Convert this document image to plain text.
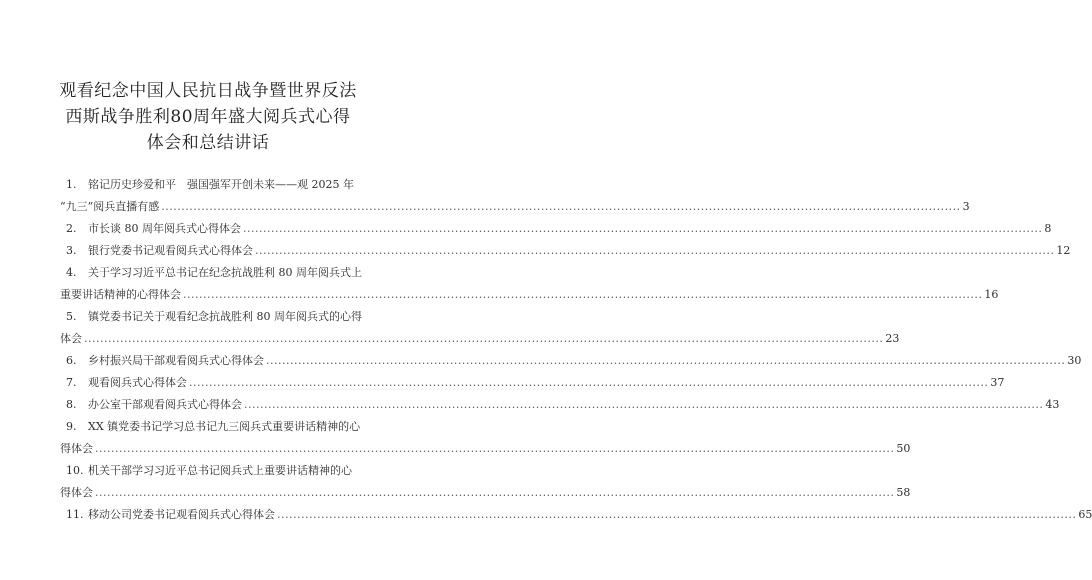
观看纪念中国人民抗日战争暨世界反法西斯战争胜利80周年盛大阅兵式心得体会和总结讲话
1.	铭记历史珍爱和平　强国强军开创未来——观 2025 年
“九三”阅兵直播有感 ........................................................................................................................................................................................................ 3
2.	市长谈 80 周年阅兵式心得体会 ........................................................................................................................................................................................................ 8
3.	银行党委书记观看阅兵式心得体会 ........................................................................................................................................................................................................ 12
4.	关于学习习近平总书记在纪念抗战胜利 80 周年阅兵式上
重要讲话精神的心得体会 ........................................................................................................................................................................................................ 16
5.	镇党委书记关于观看纪念抗战胜利 80 周年阅兵式的心得
体会 ........................................................................................................................................................................................................ 23
6.	乡村振兴局干部观看阅兵式心得体会 ........................................................................................................................................................................................................ 30
7.	观看阅兵式心得体会 ........................................................................................................................................................................................................ 37
8.	办公室干部观看阅兵式心得体会 ........................................................................................................................................................................................................ 43
9.	XX 镇党委书记学习总书记九三阅兵式重要讲话精神的心
得体会 ........................................................................................................................................................................................................ 50
10. 机关干部学习习近平总书记阅兵式上重要讲话精神的心
得体会 ........................................................................................................................................................................................................ 58
11. 移动公司党委书记观看阅兵式心得体会 ........................................................................................................................................................................................................ 65
